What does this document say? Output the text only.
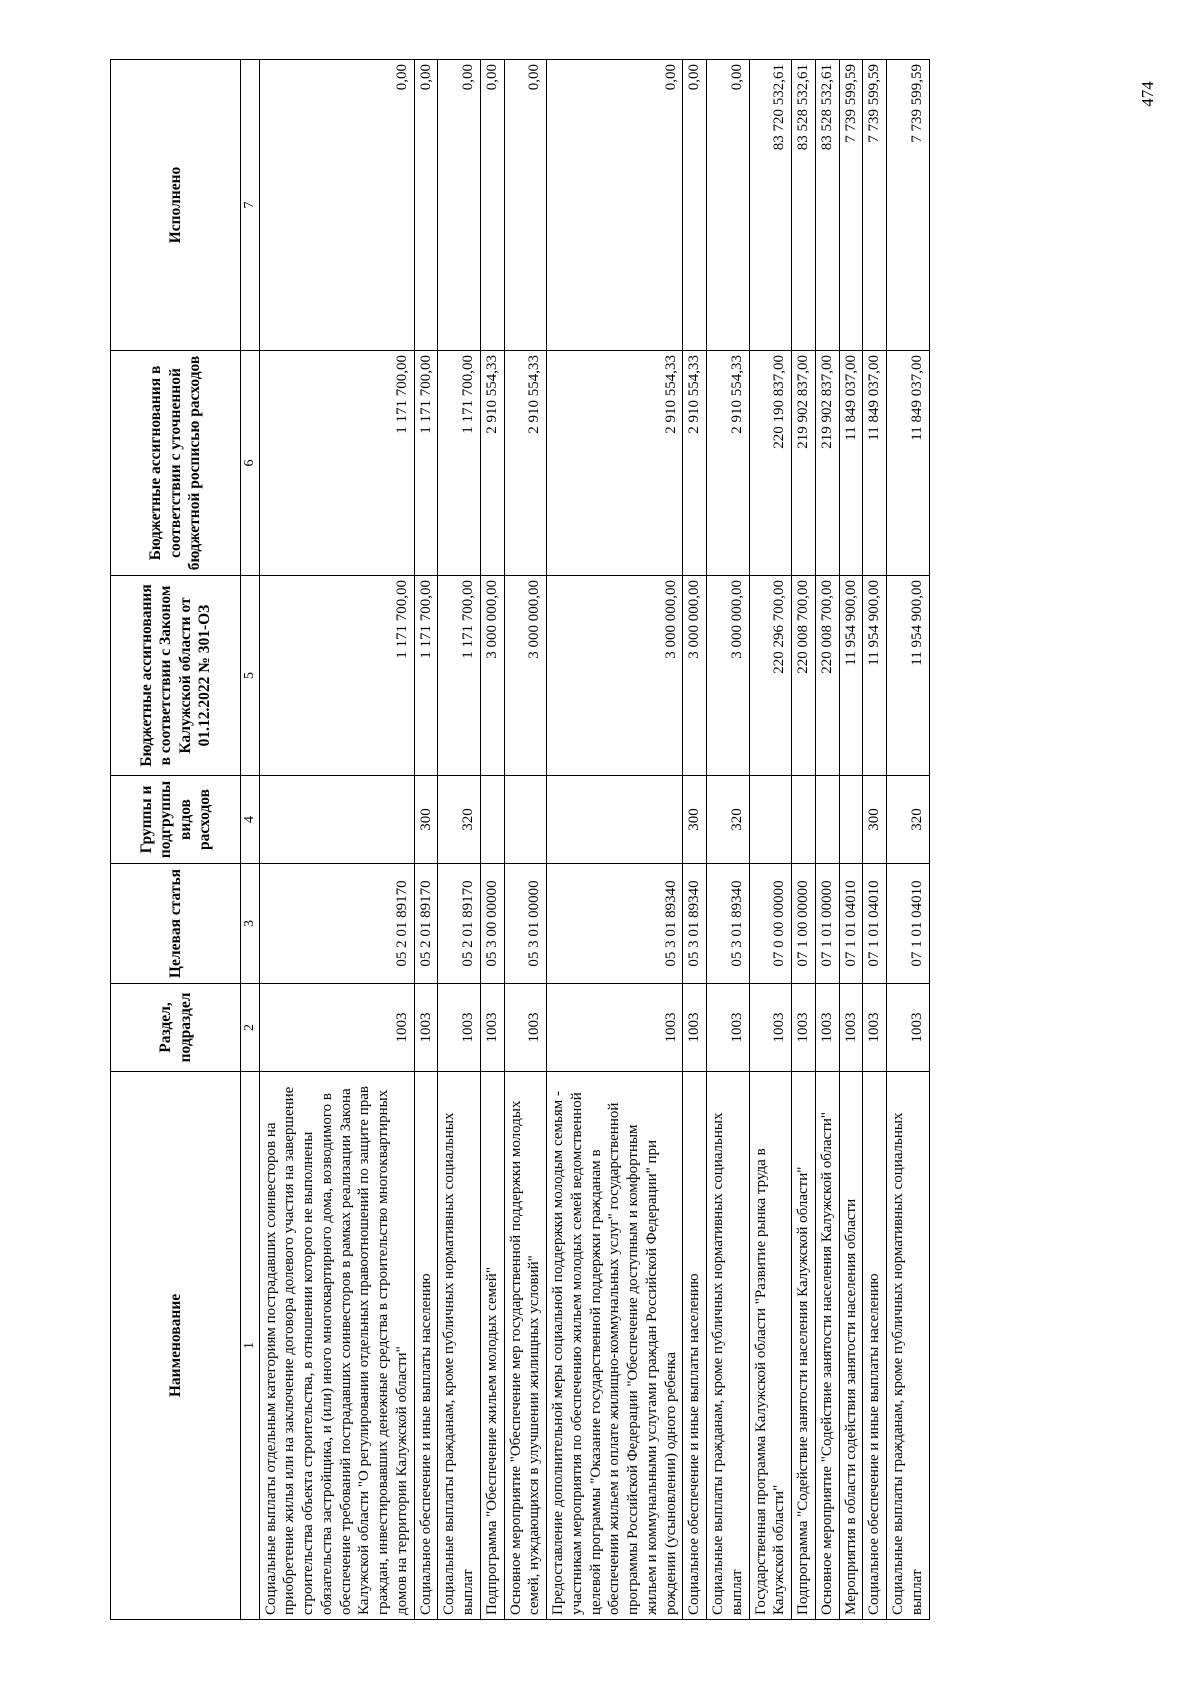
474
Наименование	Раздел, подраздел	Целевая статья	Группы и подгруппы видов расходов	Бюджетные ассигнования в соответствии с Законом Калужской области от 01.12.2022 № 301-ОЗ	Бюджетные ассигнования в соответствии с уточненной бюджетной росписью расходов	Исполнено
1	2	3	4	5	6	7
Социальные выплаты отдельным категориям пострадавших соинвесторов на приобретение жилья или на заключение договора долевого участия на завершение строительства объекта строительства, в отношении которого не выполнены обязательства застройщика, и (или) иного многоквартирного дома, возводимого в обеспечение требований пострадавших соинвесторов в рамках реализации Закона Калужской области "О регулировании отдельных правоотношений по защите прав граждан, инвестировавших денежные средства в строительство многоквартирных домов на территории Калужской области"	1003	05 2 01 89170		1 171 700,00	1 171 700,00	0,00
Социальное обеспечение и иные выплаты населению	1003	05 2 01 89170	300	1 171 700,00	1 171 700,00	0,00
Социальные выплаты гражданам, кроме публичных нормативных социальных выплат	1003	05 2 01 89170	320	1 171 700,00	1 171 700,00	0,00
Подпрограмма "Обеспечение жильем молодых семей"	1003	05 3 00 00000		3 000 000,00	2 910 554,33	0,00
Основное мероприятие "Обеспечение мер государственной поддержки молодых семей, нуждающихся в улучшении жилищных условий"	1003	05 3 01 00000		3 000 000,00	2 910 554,33	0,00
Предоставление дополнительной меры социальной поддержки молодым семьям - участникам мероприятия по обеспечению жильем молодых семей ведомственной целевой программы "Оказание государственной поддержки гражданам в обеспечении жильем и оплате жилищно-коммунальных услуг" государственной программы Российской Федерации "Обеспечение доступным и комфортным жильем и коммунальными услугами граждан Российской Федерации" при рождении (усыновлении) одного ребенка	1003	05 3 01 89340		3 000 000,00	2 910 554,33	0,00
Социальное обеспечение и иные выплаты населению	1003	05 3 01 89340	300	3 000 000,00	2 910 554,33	0,00
Социальные выплаты гражданам, кроме публичных нормативных социальных выплат	1003	05 3 01 89340	320	3 000 000,00	2 910 554,33	0,00
Государственная программа Калужской области "Развитие рынка труда в Калужской области"	1003	07 0 00 00000		220 296 700,00	220 190 837,00	83 720 532,61
Подпрограмма "Содействие занятости населения Калужской области"	1003	07 1 00 00000		220 008 700,00	219 902 837,00	83 528 532,61
Основное мероприятие "Содействие занятости населения Калужской области"	1003	07 1 01 00000		220 008 700,00	219 902 837,00	83 528 532,61
Мероприятия в области содействия занятости населения области	1003	07 1 01 04010		11 954 900,00	11 849 037,00	7 739 599,59
Социальное обеспечение и иные выплаты населению	1003	07 1 01 04010	300	11 954 900,00	11 849 037,00	7 739 599,59
Социальные выплаты гражданам, кроме публичных нормативных социальных выплат	1003	07 1 01 04010	320	11 954 900,00	11 849 037,00	7 739 599,59
